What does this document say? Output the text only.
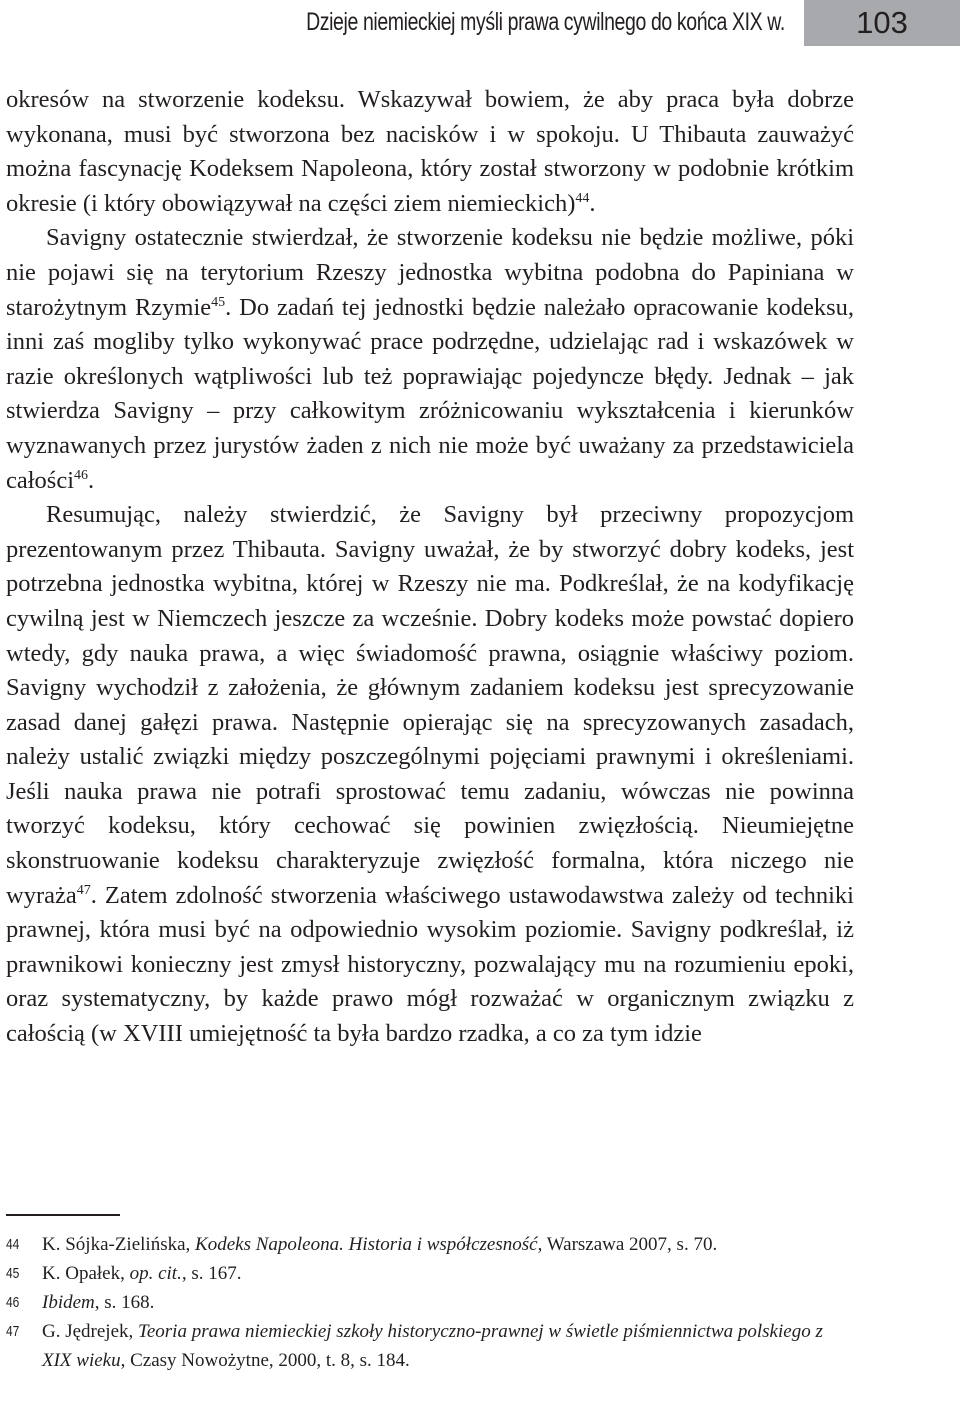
Dzieje niemieckiej myśli prawa cywilnego do końca XIX w.	103

okresów na stworzenie kodeksu. Wskazywał bowiem, że aby praca była dobrze wykonana, musi być stworzona bez nacisków i w spokoju. U Thibauta zauważyć można fascynację Kodeksem Napoleona, który został stworzony w podobnie krótkim okresie (i który obowiązywał na części ziem niemieckich)$^{44}$.

Savigny ostatecznie stwierdzał, że stworzenie kodeksu nie będzie możliwe, póki nie pojawi się na terytorium Rzeszy jednostka wybitna podobna do Papiniana w starożytnym Rzymie$^{45}$. Do zadań tej jednostki będzie należało opracowanie kodeksu, inni zaś mogliby tylko wykonywać prace podrzędne, udzielając rad i wskazówek w razie określonych wątpliwości lub też poprawiając pojedyncze błędy. Jednak – jak stwierdza Savigny – przy całkowitym zróżnicowaniu wykształcenia i kierunków wyznawanych przez jurystów żaden z nich nie może być uważany za przedstawiciela całości$^{46}$.

Resumując, należy stwierdzić, że Savigny był przeciwny propozycjom prezentowanym przez Thibauta. Savigny uważał, że by stworzyć dobry kodeks, jest potrzebna jednostka wybitna, której w Rzeszy nie ma. Podkreślał, że na kodyfikację cywilną jest w Niemczech jeszcze za wcześnie. Dobry kodeks może powstać dopiero wtedy, gdy nauka prawa, a więc świadomość prawna, osiągnie właściwy poziom. Savigny wychodził z założenia, że głównym zadaniem kodeksu jest sprecyzowanie zasad danej gałęzi prawa. Następnie opierając się na sprecyzowanych zasadach, należy ustalić związki między poszczególnymi pojęciami prawnymi i określeniami. Jeśli nauka prawa nie potrafi sprostować temu zadaniu, wówczas nie powinna tworzyć kodeksu, który cechować się powinien zwięzłością. Nieumiejętne skonstruowanie kodeksu charakteryzuje zwięzłość formalna, która niczego nie wyraża$^{47}$. Zatem zdolność stworzenia właściwego ustawodawstwa zależy od techniki prawnej, która musi być na odpowiednio wysokim poziomie. Savigny podkreślał, iż prawnikowi konieczny jest zmysł historyczny, pozwalający mu na rozumieniu epoki, oraz systematyczny, by każde prawo mógł rozważać w organicznym związku z całością (w XVIII umiejętność ta była bardzo rzadka, a co za tym idzie

44	K. Sójka-Zielińska, Kodeks Napoleona. Historia i współczesność, Warszawa 2007, s. 70.
45	K. Opałek, op. cit., s. 167.
46	Ibidem, s. 168.
47	G. Jędrejek, Teoria prawa niemieckiej szkoły historyczno-prawnej w świetle piśmiennictwa polskiego z XIX wieku, Czasy Nowożytne, 2000, t. 8, s. 184.
